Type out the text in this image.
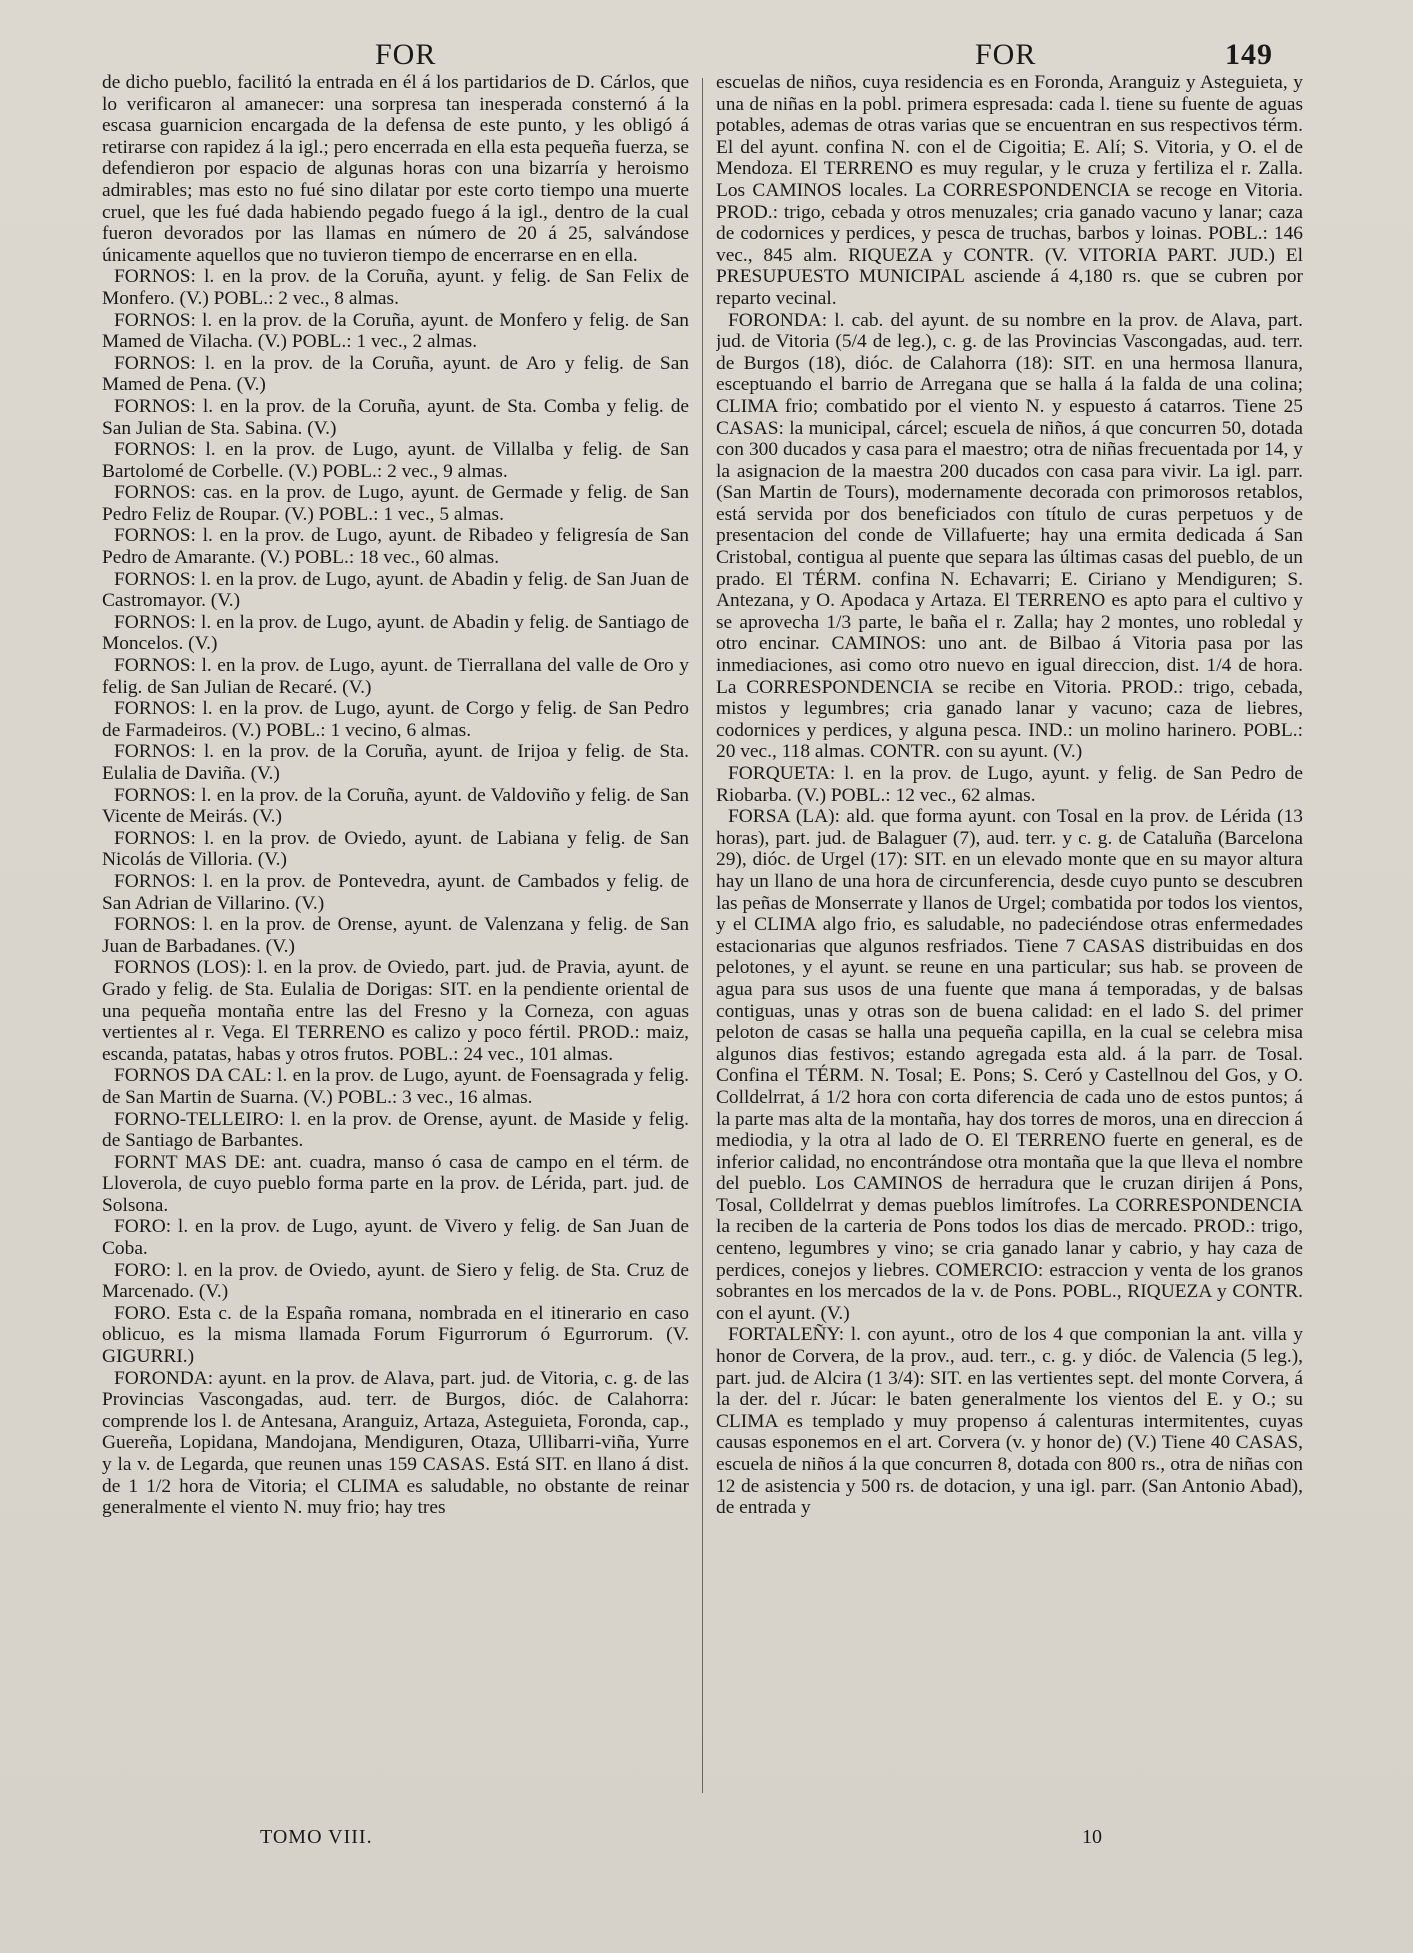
FOR	FOR	149

de dicho pueblo, facilitó la entrada en él á los partidarios de D. Cárlos, que lo verificaron al amanecer: una sorpresa tan inesperada consternó á la escasa guarnicion encargada de la defensa de este punto, y les obligó á retirarse con rapidez á la igl.; pero encerrada en ella esta pequeña fuerza, se defendieron por espacio de algunas horas con una bizarría y heroismo admirables; mas esto no fué sino dilatar por este corto tiempo una muerte cruel, que les fué dada habiendo pegado fuego á la igl., dentro de la cual fueron devorados por las llamas en número de 20 á 25, salvándose únicamente aquellos que no tuvieron tiempo de encerrarse en en ella.

FORNOS: l. en la prov. de la Coruña, ayunt. y felig. de San Felix de Monfero. (V.) POBL.: 2 vec., 8 almas.

FORNOS: l. en la prov. de la Coruña, ayunt. de Monfero y felig. de San Mamed de Vilacha. (V.) POBL.: 1 vec., 2 almas.

FORNOS: l. en la prov. de la Coruña, ayunt. de Aro y felig. de San Mamed de Pena. (V.)

FORNOS: l. en la prov. de la Coruña, ayunt. de Sta. Comba y felig. de San Julian de Sta. Sabina. (V.)

FORNOS: l. en la prov. de Lugo, ayunt. de Villalba y felig. de San Bartolomé de Corbelle. (V.) POBL.: 2 vec., 9 almas.

FORNOS: cas. en la prov. de Lugo, ayunt. de Germade y felig. de San Pedro Feliz de Roupar. (V.) POBL.: 1 vec., 5 almas.

FORNOS: l. en la prov. de Lugo, ayunt. de Ribadeo y feligresía de San Pedro de Amarante. (V.) POBL.: 18 vec., 60 almas.

FORNOS: l. en la prov. de Lugo, ayunt. de Abadin y felig. de San Juan de Castromayor. (V.)

FORNOS: l. en la prov. de Lugo, ayunt. de Abadin y felig. de Santiago de Moncelos. (V.)

FORNOS: l. en la prov. de Lugo, ayunt. de Tierrallana del valle de Oro y felig. de San Julian de Recaré. (V.)

FORNOS: l. en la prov. de Lugo, ayunt. de Corgo y felig. de San Pedro de Farmadeiros. (V.) POBL.: 1 vecino, 6 almas.

FORNOS: l. en la prov. de la Coruña, ayunt. de Irijoa y felig. de Sta. Eulalia de Daviña. (V.)

FORNOS: l. en la prov. de la Coruña, ayunt. de Valdoviño y felig. de San Vicente de Meirás. (V.)

FORNOS: l. en la prov. de Oviedo, ayunt. de Labiana y felig. de San Nicolás de Villoria. (V.)

FORNOS: l. en la prov. de Pontevedra, ayunt. de Cambados y felig. de San Adrian de Villarino. (V.)

FORNOS: l. en la prov. de Orense, ayunt. de Valenzana y felig. de San Juan de Barbadanes. (V.)

FORNOS (LOS): l. en la prov. de Oviedo, part. jud. de Pravia, ayunt. de Grado y felig. de Sta. Eulalia de Dorigas: SIT. en la pendiente oriental de una pequeña montaña entre las del Fresno y la Corneza, con aguas vertientes al r. Vega. El TERRENO es calizo y poco fértil. PROD.: maiz, escanda, patatas, habas y otros frutos. POBL.: 24 vec., 101 almas.

FORNOS DA CAL: l. en la prov. de Lugo, ayunt. de Foensagrada y felig. de San Martin de Suarna. (V.) POBL.: 3 vec., 16 almas.

FORNO-TELLEIRO: l. en la prov. de Orense, ayunt. de Maside y felig. de Santiago de Barbantes.

FORNT MAS DE: ant. cuadra, manso ó casa de campo en el térm. de Lloverola, de cuyo pueblo forma parte en la prov. de Lérida, part. jud. de Solsona.

FORO: l. en la prov. de Lugo, ayunt. de Vivero y felig. de San Juan de Coba.

FORO: l. en la prov. de Oviedo, ayunt. de Siero y felig. de Sta. Cruz de Marcenado. (V.)

FORO. Esta c. de la España romana, nombrada en el itinerario en caso oblicuo, es la misma llamada Forum Figurrorum ó Egurrorum. (V. GIGURRI.)

FORONDA: ayunt. en la prov. de Alava, part. jud. de Vitoria, c. g. de las Provincias Vascongadas, aud. terr. de Burgos, dióc. de Calahorra: comprende los l. de Antesana, Aranguiz, Artaza, Asteguieta, Foronda, cap., Guereña, Lopidana, Mandojana, Mendiguren, Otaza, Ullibarri-viña, Yurre y la v. de Legarda, que reunen unas 159 CASAS. Está SIT. en llano á dist. de 1 1/2 hora de Vitoria; el CLIMA es saludable, no obstante de reinar generalmente el viento N. muy frio; hay tres

escuelas de niños, cuya residencia es en Foronda, Aranguiz y Asteguieta, y una de niñas en la pobl. primera espresada: cada l. tiene su fuente de aguas potables, ademas de otras varias que se encuentran en sus respectivos térm. El del ayunt. confina N. con el de Cigoitia; E. Alí; S. Vitoria, y O. el de Mendoza. El TERRENO es muy regular, y le cruza y fertiliza el r. Zalla. Los CAMINOS locales. La CORRESPONDENCIA se recoge en Vitoria. PROD.: trigo, cebada y otros menuzales; cria ganado vacuno y lanar; caza de codornices y perdices, y pesca de truchas, barbos y loinas. POBL.: 146 vec., 845 alm. RIQUEZA y CONTR. (V. VITORIA PART. JUD.) El PRESUPUESTO MUNICIPAL asciende á 4,180 rs. que se cubren por reparto vecinal.

FORONDA: l. cab. del ayunt. de su nombre en la prov. de Alava, part. jud. de Vitoria (5/4 de leg.), c. g. de las Provincias Vascongadas, aud. terr. de Burgos (18), dióc. de Calahorra (18): SIT. en una hermosa llanura, esceptuando el barrio de Arregana que se halla á la falda de una colina; CLIMA frio; combatido por el viento N. y espuesto á catarros. Tiene 25 CASAS: la municipal, cárcel; escuela de niños, á que concurren 50, dotada con 300 ducados y casa para el maestro; otra de niñas frecuentada por 14, y la asignacion de la maestra 200 ducados con casa para vivir. La igl. parr. (San Martin de Tours), modernamente decorada con primorosos retablos, está servida por dos beneficiados con título de curas perpetuos y de presentacion del conde de Villafuerte; hay una ermita dedicada á San Cristobal, contigua al puente que separa las últimas casas del pueblo, de un prado. El TÉRM. confina N. Echavarri; E. Ciriano y Mendiguren; S. Antezana, y O. Apodaca y Artaza. El TERRENO es apto para el cultivo y se aprovecha 1/3 parte, le baña el r. Zalla; hay 2 montes, uno robledal y otro encinar. CAMINOS: uno ant. de Bilbao á Vitoria pasa por las inmediaciones, asi como otro nuevo en igual direccion, dist. 1/4 de hora. La CORRESPONDENCIA se recibe en Vitoria. PROD.: trigo, cebada, mistos y legumbres; cria ganado lanar y vacuno; caza de liebres, codornices y perdices, y alguna pesca. IND.: un molino harinero. POBL.: 20 vec., 118 almas. CONTR. con su ayunt. (V.)

FORQUETA: l. en la prov. de Lugo, ayunt. y felig. de San Pedro de Riobarba. (V.) POBL.: 12 vec., 62 almas.

FORSA (LA): ald. que forma ayunt. con Tosal en la prov. de Lérida (13 horas), part. jud. de Balaguer (7), aud. terr. y c. g. de Cataluña (Barcelona 29), dióc. de Urgel (17): SIT. en un elevado monte que en su mayor altura hay un llano de una hora de circunferencia, desde cuyo punto se descubren las peñas de Monserrate y llanos de Urgel; combatida por todos los vientos, y el CLIMA algo frio, es saludable, no padeciéndose otras enfermedades estacionarias que algunos resfriados. Tiene 7 CASAS distribuidas en dos pelotones, y el ayunt. se reune en una particular; sus hab. se proveen de agua para sus usos de una fuente que mana á temporadas, y de balsas contiguas, unas y otras son de buena calidad: en el lado S. del primer peloton de casas se halla una pequeña capilla, en la cual se celebra misa algunos dias festivos; estando agregada esta ald. á la parr. de Tosal. Confina el TÉRM. N. Tosal; E. Pons; S. Ceró y Castellnou del Gos, y O. Colldelrrat, á 1/2 hora con corta diferencia de cada uno de estos puntos; á la parte mas alta de la montaña, hay dos torres de moros, una en direccion á mediodia, y la otra al lado de O. El TERRENO fuerte en general, es de inferior calidad, no encontrándose otra montaña que la que lleva el nombre del pueblo. Los CAMINOS de herradura que le cruzan dirijen á Pons, Tosal, Colldelrrat y demas pueblos limítrofes. La CORRESPONDENCIA la reciben de la carteria de Pons todos los dias de mercado. PROD.: trigo, centeno, legumbres y vino; se cria ganado lanar y cabrio, y hay caza de perdices, conejos y liebres. COMERCIO: estraccion y venta de los granos sobrantes en los mercados de la v. de Pons. POBL., RIQUEZA y CONTR. con el ayunt. (V.)

FORTALEÑY: l. con ayunt., otro de los 4 que componian la ant. villa y honor de Corvera, de la prov., aud. terr., c. g. y dióc. de Valencia (5 leg.), part. jud. de Alcira (1 3/4): SIT. en las vertientes sept. del monte Corvera, á la der. del r. Júcar: le baten generalmente los vientos del E. y O.; su CLIMA es templado y muy propenso á calenturas intermitentes, cuyas causas esponemos en el art. Corvera (v. y honor de) (V.) Tiene 40 CASAS, escuela de niños á la que concurren 8, dotada con 800 rs., otra de niñas con 12 de asistencia y 500 rs. de dotacion, y una igl. parr. (San Antonio Abad), de entrada y

TOMO VIII.	10
